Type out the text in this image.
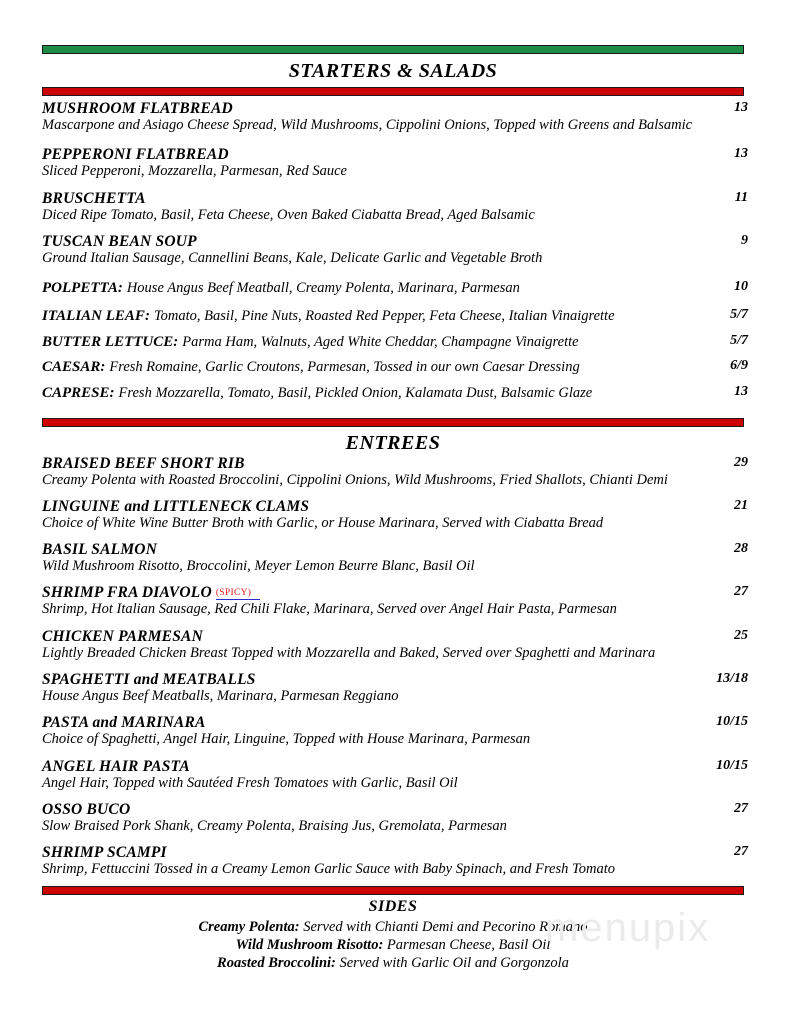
menupix
STARTERS & SALADS
MUSHROOM FLATBREAD	13
Mascarpone and Asiago Cheese Spread, Wild Mushrooms, Cippolini Onions, Topped with Greens and Balsamic
PEPPERONI FLATBREAD	13
Sliced Pepperoni, Mozzarella, Parmesan, Red Sauce
BRUSCHETTA	11
Diced Ripe Tomato, Basil, Feta Cheese, Oven Baked Ciabatta Bread, Aged Balsamic
TUSCAN BEAN SOUP	9
Ground Italian Sausage, Cannellini Beans, Kale, Delicate Garlic and Vegetable Broth
POLPETTA: House Angus Beef Meatball, Creamy Polenta, Marinara, Parmesan	10
ITALIAN LEAF: Tomato, Basil, Pine Nuts, Roasted Red Pepper, Feta Cheese, Italian Vinaigrette	5/7
BUTTER LETTUCE: Parma Ham, Walnuts, Aged White Cheddar, Champagne Vinaigrette	5/7
CAESAR: Fresh Romaine, Garlic Croutons, Parmesan, Tossed in our own Caesar Dressing	6/9
CAPRESE: Fresh Mozzarella, Tomato, Basil, Pickled Onion, Kalamata Dust, Balsamic Glaze	13
ENTREES
BRAISED BEEF SHORT RIB	29
Creamy Polenta with Roasted Broccolini, Cippolini Onions, Wild Mushrooms, Fried Shallots, Chianti Demi
LINGUINE and LITTLENECK CLAMS	21
Choice of White Wine Butter Broth with Garlic, or House Marinara, Served with Ciabatta Bread
BASIL SALMON	28
Wild Mushroom Risotto, Broccolini, Meyer Lemon Beurre Blanc, Basil Oil
SHRIMP FRA DIAVOLO (SPICY)	27
Shrimp, Hot Italian Sausage, Red Chili Flake, Marinara, Served over Angel Hair Pasta, Parmesan
CHICKEN PARMESAN	25
Lightly Breaded Chicken Breast Topped with Mozzarella and Baked, Served over Spaghetti and Marinara
SPAGHETTI and MEATBALLS	13/18
House Angus Beef Meatballs, Marinara, Parmesan Reggiano
PASTA and MARINARA	10/15
Choice of Spaghetti, Angel Hair, Linguine, Topped with House Marinara, Parmesan
ANGEL HAIR PASTA	10/15
Angel Hair, Topped with Sautéed Fresh Tomatoes with Garlic, Basil Oil
OSSO BUCO	27
Slow Braised Pork Shank, Creamy Polenta, Braising Jus, Gremolata, Parmesan
SHRIMP SCAMPI	27
Shrimp, Fettuccini Tossed in a Creamy Lemon Garlic Sauce with Baby Spinach, and Fresh Tomato
SIDES
Creamy Polenta: Served with Chianti Demi and Pecorino Romano
Wild Mushroom Risotto: Parmesan Cheese, Basil Oil
Roasted Broccolini: Served with Garlic Oil and Gorgonzola
